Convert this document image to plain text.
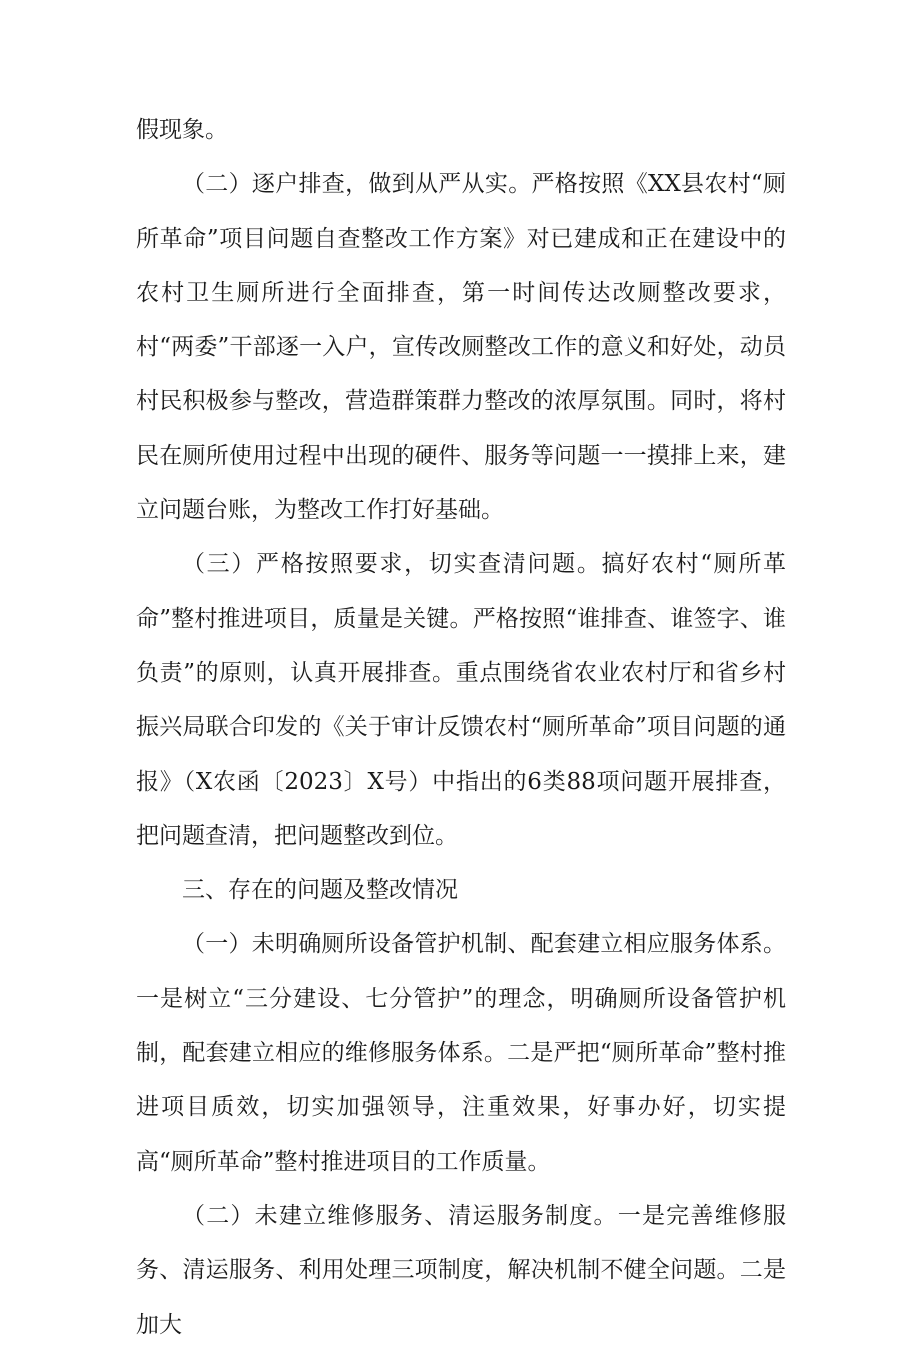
假现象。

（二）逐户排查，做到从严从实。严格按照《XX县农村“厕所革命”项目问题自查整改工作方案》对已建成和正在建设中的农村卫生厕所进行全面排查，第一时间传达改厕整改要求，村“两委”干部逐一入户，宣传改厕整改工作的意义和好处，动员村民积极参与整改，营造群策群力整改的浓厚氛围。同时，将村民在厕所使用过程中出现的硬件、服务等问题一一摸排上来，建立问题台账，为整改工作打好基础。

（三）严格按照要求，切实查清问题。搞好农村“厕所革命”整村推进项目，质量是关键。严格按照“谁排查、谁签字、谁负责”的原则，认真开展排查。重点围绕省农业农村厅和省乡村振兴局联合印发的《关于审计反馈农村“厕所革命”项目问题的通报》（X农函〔2023〕X号）中指出的6类88项问题开展排查，把问题查清，把问题整改到位。

三、存在的问题及整改情况

（一）未明确厕所设备管护机制、配套建立相应服务体系。一是树立“三分建设、七分管护”的理念，明确厕所设备管护机制，配套建立相应的维修服务体系。二是严把“厕所革命”整村推进项目质效，切实加强领导，注重效果，好事办好，切实提高“厕所革命”整村推进项目的工作质量。

（二）未建立维修服务、清运服务制度。一是完善维修服务、清运服务、利用处理三项制度，解决机制不健全问题。二是加大
